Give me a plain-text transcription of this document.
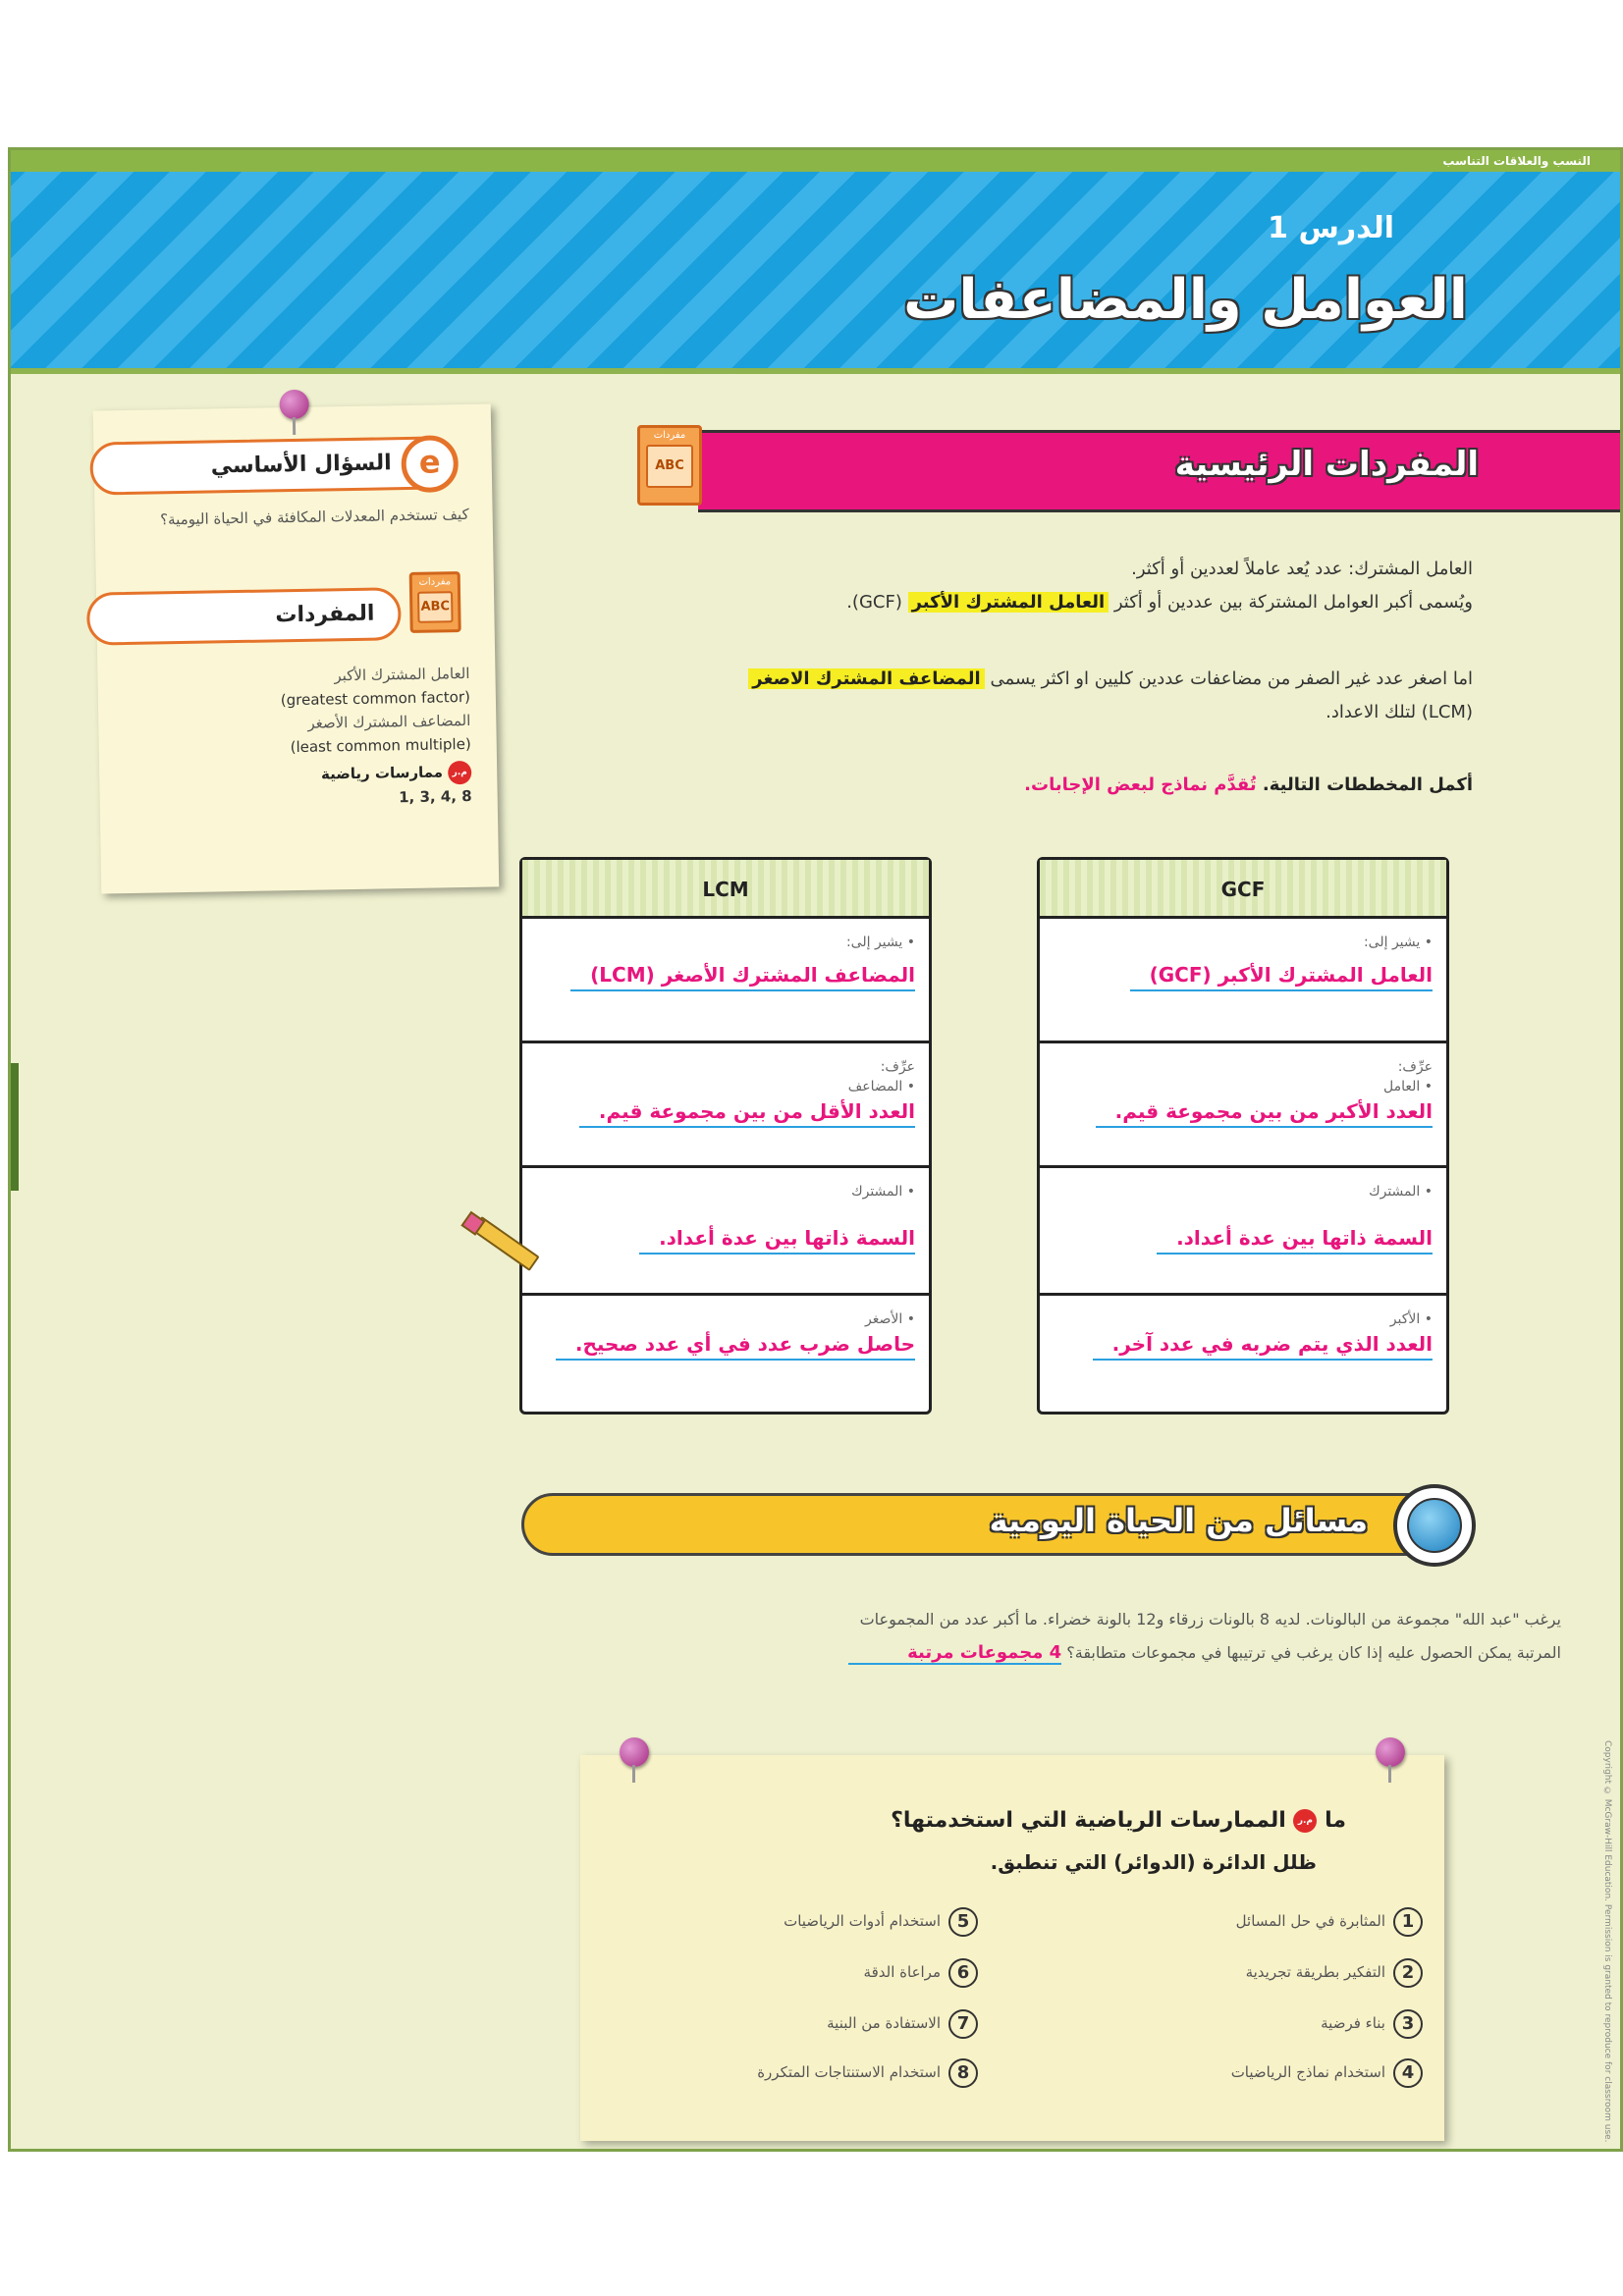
النسب والعلاقات التناسب
الدرس 1
العوامل والمضاعفات
السؤال الأساسي e
كيف تستخدم المعدلات المكافئة في الحياة اليومية؟
المفردات
مفردات
ABC
العامل المشترك الأكبر
(greatest common factor)
المضاعف المشترك الأصغر
(least common multiple)
م.ر ممارسات رياضية
1, 3, 4, 8
المفردات الرئيسية
مفردات
ABC
العامل المشترك: عدد يُعد عاملاً لعددين أو أكثر.
ويُسمى أكبر العوامل المشتركة بين عددين أو أكثر العامل المشترك الأكبر (GCF).
اما اصغر عدد غير الصفر من مضاعفات عددين كليين او اكثر يسمى المضاعف المشترك الاصغر
(LCM) لتلك الاعداد.
أكمل المخططات التالية. تُقدَّم نماذج لبعض الإجابات.
LCM
• يشير إلى:
المضاعف المشترك الأصغر (LCM)
عرِّف:
• المضاعف
العدد الأقل من بين مجموعة قيم.
• المشترك
السمة ذاتها بين عدة أعداد.
• الأصغر
حاصل ضرب عدد في أي عدد صحيح.
GCF
• يشير إلى:
العامل المشترك الأكبر (GCF)
عرِّف:
• العامل
العدد الأكبر من بين مجموعة قيم.
• المشترك
السمة ذاتها بين عدة أعداد.
• الأكبر
العدد الذي يتم ضربه في عدد آخر.
مسائل من الحياة اليومية
يرغب "عبد الله" مجموعة من البالونات. لديه 8 بالونات زرقاء و12 بالونة خضراء. ما أكبر عدد من المجموعات
المرتبة يمكن الحصول عليه إذا كان يرغب في ترتيبها في مجموعات متطابقة؟ 4 مجموعات مرتبة
ما م.ر الممارسات الرياضية التي استخدمتها؟
ظلل الدائرة (الدوائر) التي تنطبق.
1المثابرة في حل المسائل
2التفكير بطريقة تجريدية
3بناء فرضية
4استخدام نماذج الرياضيات
5استخدام أدوات الرياضيات
6مراعاة الدقة
7الاستفادة من البنية
8استخدام الاستنتاجات المتكررة	Copyright © McGraw-Hill Education. Permission is granted to reproduce for classroom use.
